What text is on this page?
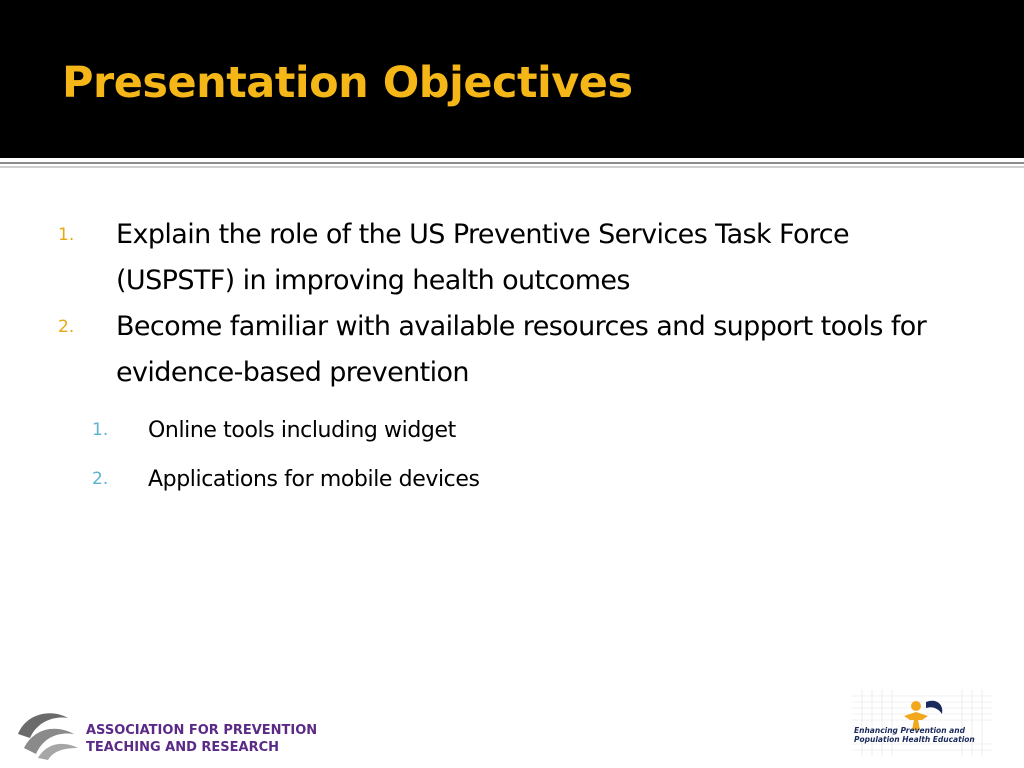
Presentation Objectives
1. Explain the role of the US Preventive Services Task Force (USPSTF) in improving health outcomes
2. Become familiar with available resources and support tools for evidence-based prevention
1. Online tools including widget
2. Applications for mobile devices
ASSOCIATION FOR PREVENTION
TEACHING AND RESEARCH
Enhancing Prevention and
Population Health Education
